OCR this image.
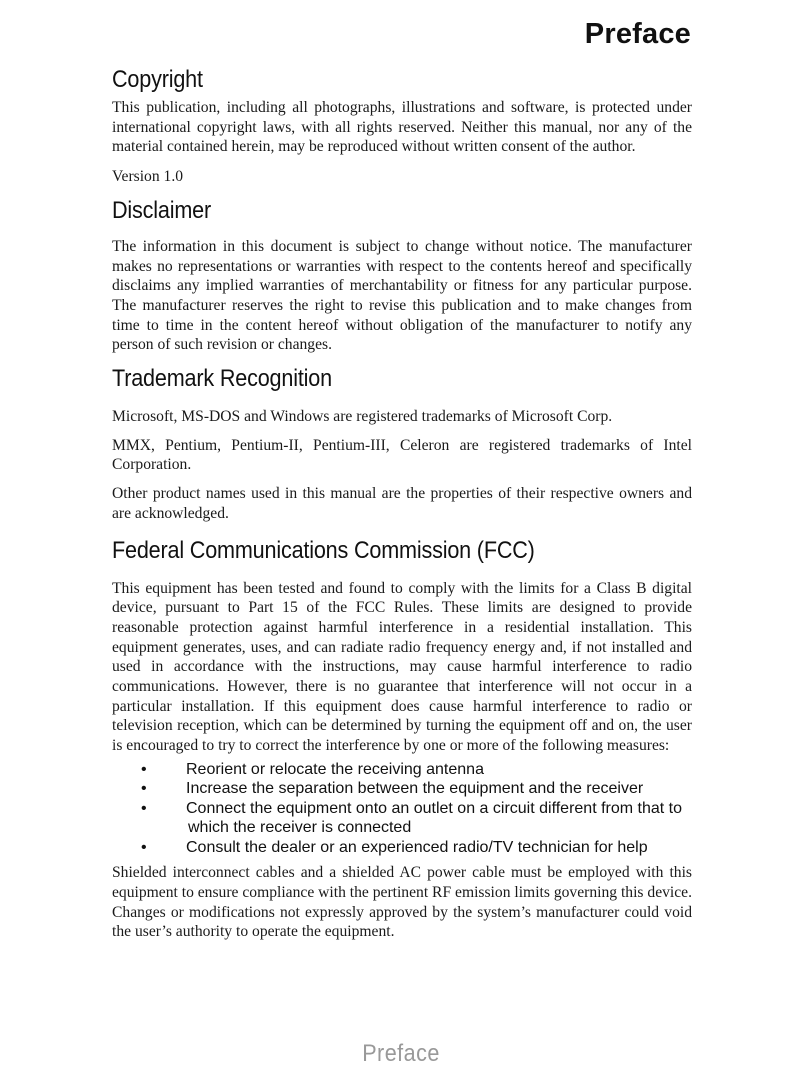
Preface
Copyright

This publication, including all photographs, illustrations and software, is protected under international copyright laws, with all rights reserved. Neither this manual, nor any of the material contained herein, may be reproduced without written consent of the author.

Version 1.0

Disclaimer

The information in this document is subject to change without notice. The manufacturer makes no representations or warranties with respect to the contents hereof and specifically disclaims any implied warranties of merchantability or fitness for any particular purpose. The manufacturer reserves the right to revise this publication and to make changes from time to time in the content hereof without obligation of the manufacturer to notify any person of such revision or changes.

Trademark Recognition

Microsoft, MS-DOS and Windows are registered trademarks of Microsoft Corp.

MMX, Pentium, Pentium-II, Pentium-III, Celeron are registered trademarks of Intel Corporation.

Other product names used in this manual are the properties of their respective owners and are acknowledged.

Federal Communications Commission (FCC)

This equipment has been tested and found to comply with the limits for a Class B digital device, pursuant to Part 15 of the FCC Rules. These limits are designed to provide reasonable protection against harmful interference in a residential installation. This equipment generates, uses, and can radiate radio frequency energy and, if not installed and used in accordance with the instructions, may cause harmful interference to radio communications. However, there is no guarantee that interference will not occur in a particular installation. If this equipment does cause harmful interference to radio or television reception, which can be determined by turning the equipment off and on, the user is encouraged to try to correct the interference by one or more of the following measures:

• Reorient or relocate the receiving antenna
• Increase the separation between the equipment and the receiver
• Connect the equipment onto an outlet on a circuit different from that to
which the receiver is connected
• Consult the dealer or an experienced radio/TV technician for help

Shielded interconnect cables and a shielded AC power cable must be employed with this equipment to ensure compliance with the pertinent RF emission limits governing this device. Changes or modifications not expressly approved by the system’s manufacturer could void the user’s authority to operate the equipment.

Preface
